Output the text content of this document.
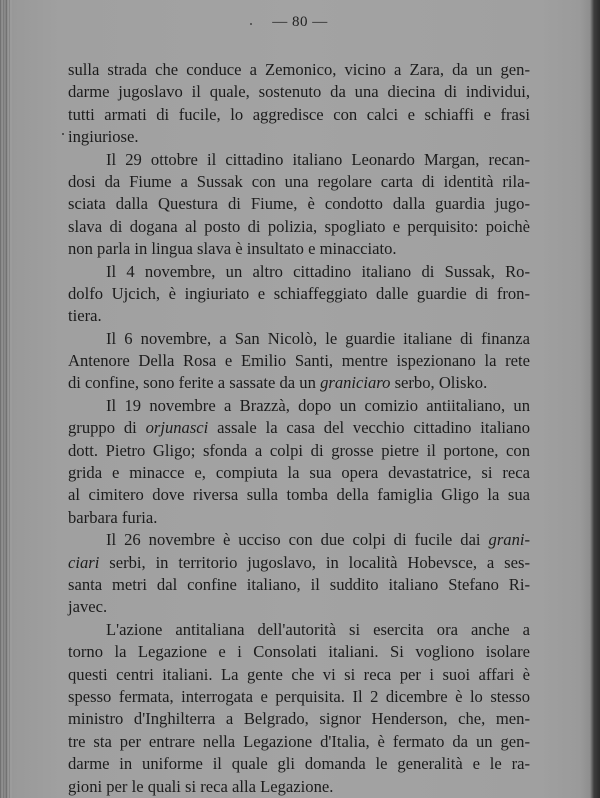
— 80 —
sulla strada che conduce a Zemonico, vicino a Zara, da un gen-
darme jugoslavo il quale, sostenuto da una diecina di individui,
tutti armati di fucile, lo aggredisce con calci e schiaffi e frasi
ingiuriose.
Il 29 ottobre il cittadino italiano Leonardo Margan, recan-
dosi da Fiume a Sussak con una regolare carta di identità rila-
sciata dalla Questura di Fiume, è condotto dalla guardia jugo-
slava di dogana al posto di polizia, spogliato e perquisito: poichè
non parla in lingua slava è insultato e minacciato.
Il 4 novembre, un altro cittadino italiano di Sussak, Ro-
dolfo Ujcich, è ingiuriato e schiaffeggiato dalle guardie di fron-
tiera.
Il 6 novembre, a San Nicolò, le guardie italiane di finanza
Antenore Della Rosa e Emilio Santi, mentre ispezionano la rete
di confine, sono ferite a sassate da un graniciaro serbo, Olisko.
Il 19 novembre a Brazzà, dopo un comizio antiitaliano, un
gruppo di orjunasci assale la casa del vecchio cittadino italiano
dott. Pietro Gligo; sfonda a colpi di grosse pietre il portone, con
grida e minacce e, compiuta la sua opera devastatrice, si reca
al cimitero dove riversa sulla tomba della famiglia Gligo la sua
barbara furia.
Il 26 novembre è ucciso con due colpi di fucile dai grani-
ciari serbi, in territorio jugoslavo, in località Hobevsce, a ses-
santa metri dal confine italiano, il suddito italiano Stefano Ri-
javec.
L'azione antitaliana dell'autorità si esercita ora anche a
torno la Legazione e i Consolati italiani. Si vogliono isolare
questi centri italiani. La gente che vi si reca per i suoi affari è
spesso fermata, interrogata e perquisita. Il 2 dicembre è lo stesso
ministro d'Inghilterra a Belgrado, signor Henderson, che, men-
tre sta per entrare nella Legazione d'Italia, è fermato da un gen-
darme in uniforme il quale gli domanda le generalità e le ra-
gioni per le quali si reca alla Legazione.
